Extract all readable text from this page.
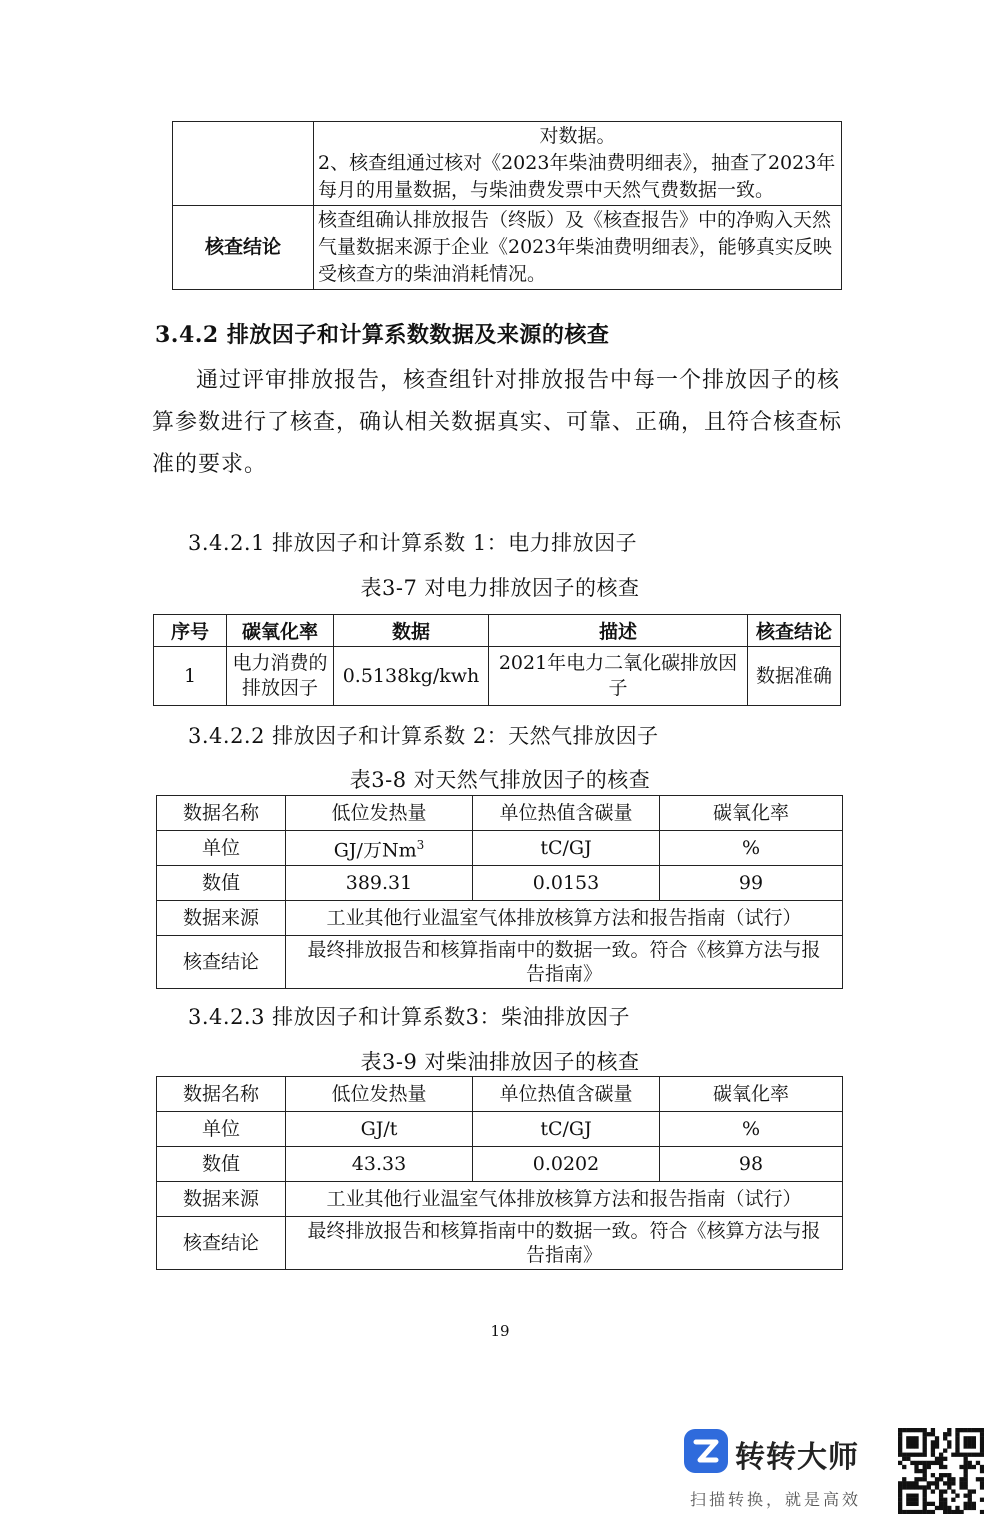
	对数据。
2、核查组通过核对《2023年柴油费明细表》，抽查了2023年每月的用量数据，与柴油费发票中天然气费数据一致。

核查结论	核查组确认排放报告（终版）及《核查报告》中的净购入天然气量数据来源于企业《2023年柴油费明细表》，能够真实反映受核查方的柴油消耗情况。
3.4.2 排放因子和计算系数数据及来源的核查
通过评审排放报告，核查组针对排放报告中每一个排放因子的核算参数进行了核查，确认相关数据真实、可靠、正确，且符合核查标准的要求。
3.4.2.1 排放因子和计算系数 1：电力排放因子
表3-7 对电力排放因子的核查
序号	碳氧化率	数据	描述	核查结论
1	电力消费的排放因子	0.5138kg/kwh	2021年电力二氧化碳排放因子	数据准确
3.4.2.2 排放因子和计算系数 2：天然气排放因子
表3-8 对天然气排放因子的核查
数据名称	低位发热量	单位热值含碳量	碳氧化率
单位	GJ/万Nm$^3$	tC/GJ	%
数值	389.31	0.0153	99
数据来源	工业其他行业温室气体排放核算方法和报告指南（试行）		
核查结论	最终排放报告和核算指南中的数据一致。符合《核算方法与报告指南》		
3.4.2.3 排放因子和计算系数3：柴油排放因子
表3-9 对柴油排放因子的核查
数据名称	低位发热量	单位热值含碳量	碳氧化率
单位	GJ/t	tC/GJ	%
数值	43.33	0.0202	98
数据来源	工业其他行业温室气体排放核算方法和报告指南（试行）		
核查结论	最终排放报告和核算指南中的数据一致。符合《核算方法与报告指南》		
19
转转大师
扫描转换，就是高效
